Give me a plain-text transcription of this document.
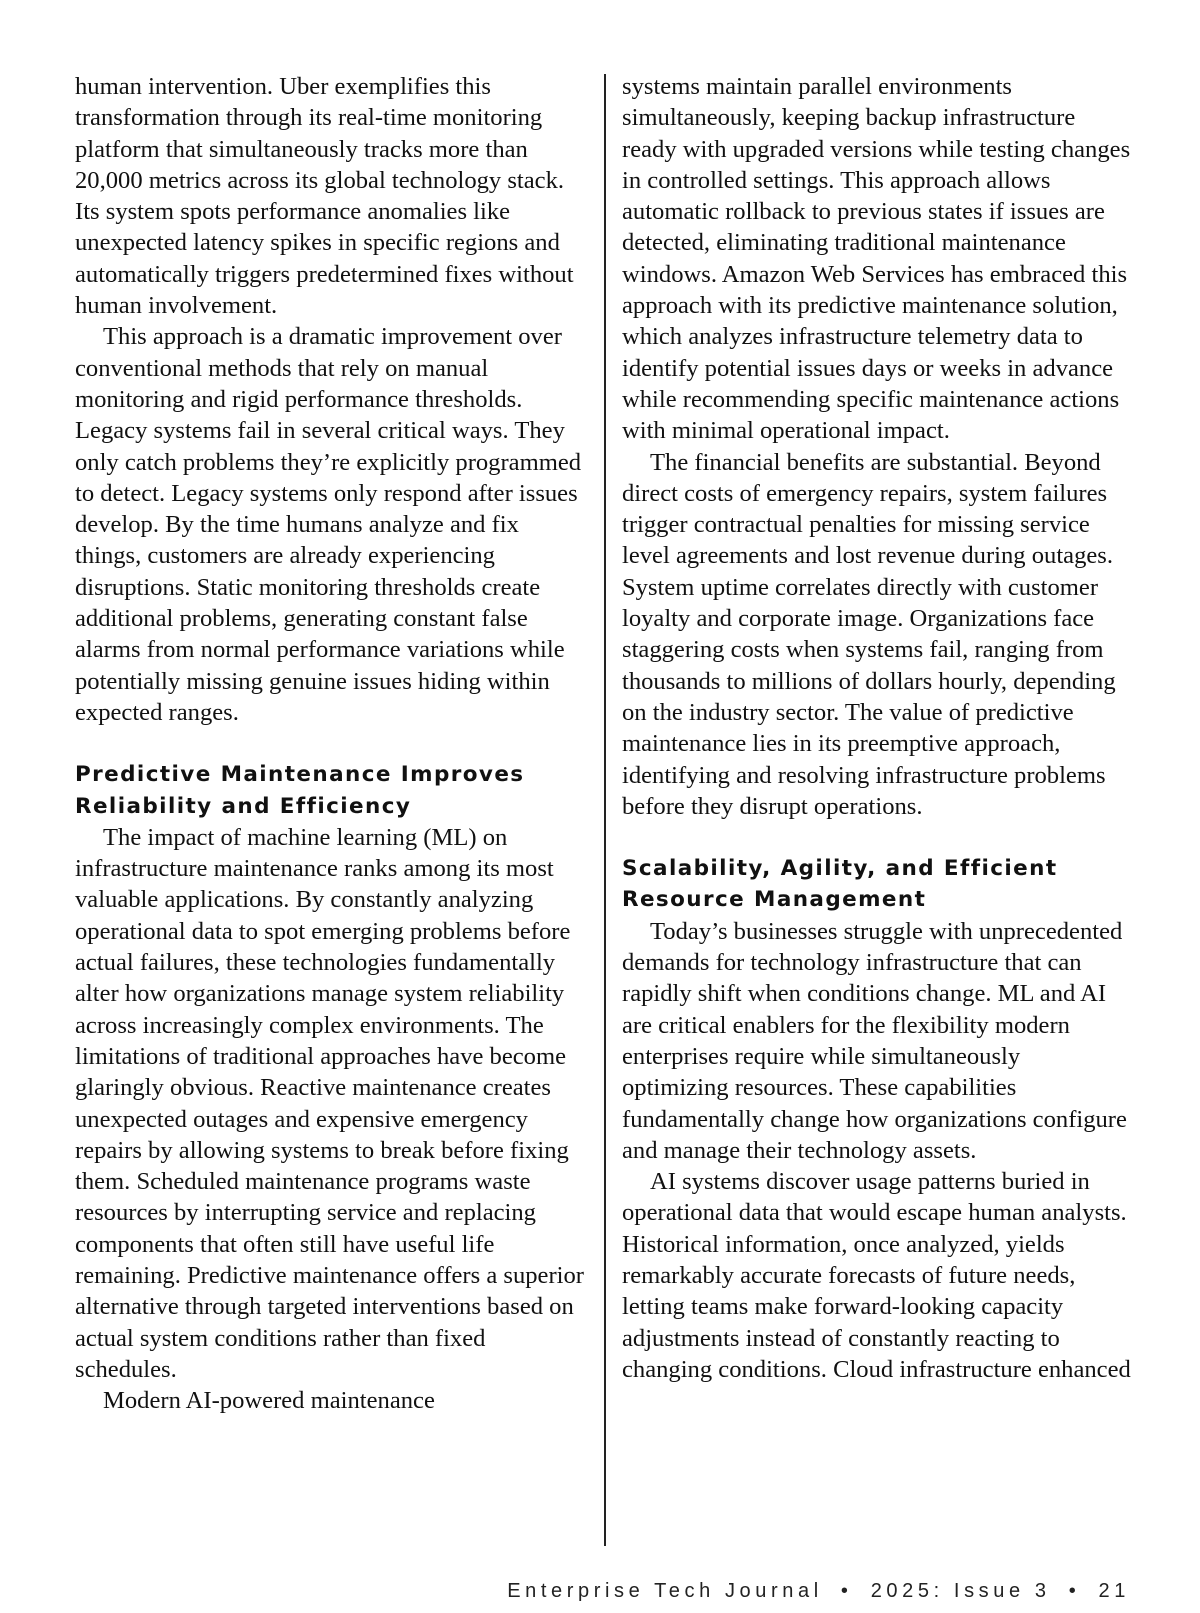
human intervention. Uber exemplifies this transformation through its real-time monitoring platform that simultaneously tracks more than 20,000 metrics across its global technology stack. Its system spots performance anomalies like unexpected latency spikes in specific regions and automatically triggers predetermined fixes without human involvement.

This approach is a dramatic improvement over conventional methods that rely on manual monitoring and rigid performance thresholds. Legacy systems fail in several critical ways. They only catch problems they’re explicitly programmed to detect. Legacy systems only respond after issues develop. By the time humans analyze and fix things, customers are already experiencing disruptions. Static monitoring thresholds create additional problems, generating constant false alarms from normal performance variations while potentially missing genuine issues hiding within expected ranges.

Predictive Maintenance Improves Reliability and Efficiency

The impact of machine learning (ML) on infrastructure maintenance ranks among its most valuable applications. By constantly analyzing operational data to spot emerging problems before actual failures, these technologies fundamentally alter how organizations manage system reliability across increasingly complex environments. The limitations of traditional approaches have become glaringly obvious. Reactive maintenance creates unexpected outages and expensive emergency repairs by allowing systems to break before fixing them. Scheduled maintenance programs waste resources by interrupting service and replacing components that often still have useful life remaining. Predictive maintenance offers a superior alternative through targeted interventions based on actual system conditions rather than fixed schedules.

Modern AI-powered maintenance

systems maintain parallel environments simultaneously, keeping backup infrastructure ready with upgraded versions while testing changes in controlled settings. This approach allows automatic rollback to previous states if issues are detected, eliminating traditional maintenance windows. Amazon Web Services has embraced this approach with its predictive maintenance solution, which analyzes infrastructure telemetry data to identify potential issues days or weeks in advance while recommending specific maintenance actions with minimal operational impact.

The financial benefits are substantial. Beyond direct costs of emergency repairs, system failures trigger contractual penalties for missing service level agreements and lost revenue during outages. System uptime correlates directly with customer loyalty and corporate image. Organizations face staggering costs when systems fail, ranging from thousands to millions of dollars hourly, depending on the industry sector. The value of predictive maintenance lies in its preemptive approach, identifying and resolving infrastructure problems before they disrupt operations.

Scalability, Agility, and Efficient Resource Management

Today’s businesses struggle with unprecedented demands for technology infrastructure that can rapidly shift when conditions change. ML and AI are critical enablers for the flexibility modern enterprises require while simultaneously optimizing resources. These capabilities fundamentally change how organizations configure and manage their technology assets.

AI systems discover usage patterns buried in operational data that would escape human analysts. Historical information, once analyzed, yields remarkably accurate forecasts of future needs, letting teams make forward-looking capacity adjustments instead of constantly reacting to changing conditions. Cloud infrastructure enhanced

Enterprise Tech Journal • 2025: Issue 3 • 21
